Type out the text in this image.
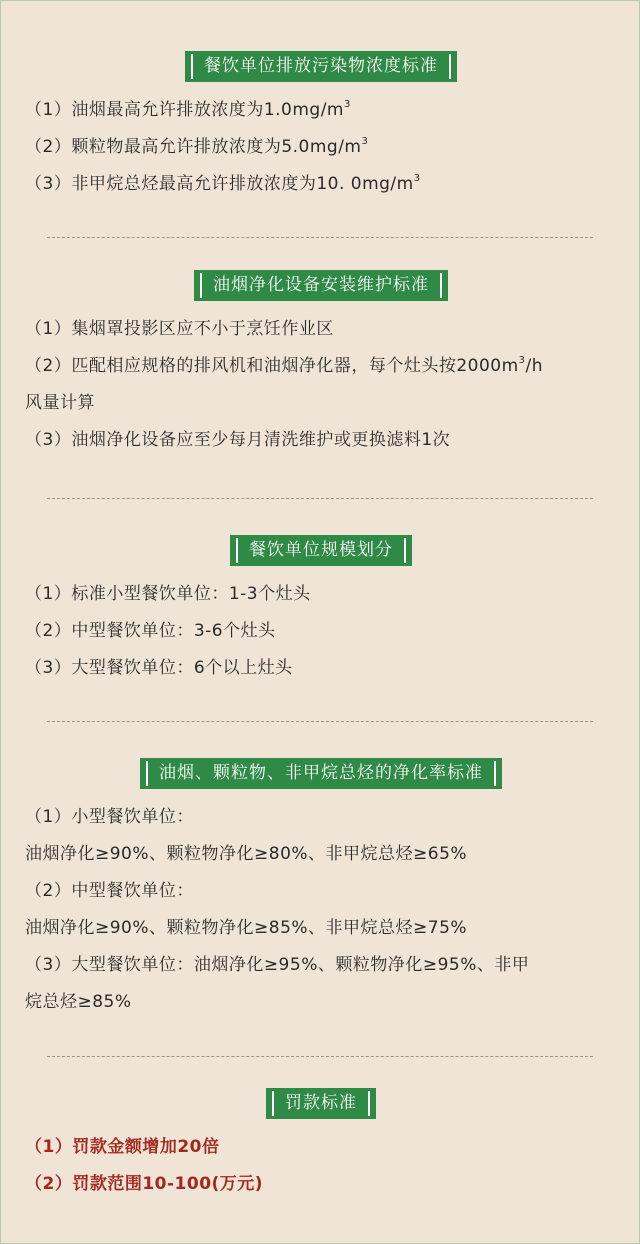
餐饮单位排放污染物浓度标准
（1）油烟最高允许排放浓度为$1.0mg/m^3$
（2）颗粒物最高允许排放浓度为$5.0mg/m^3$
（3）非甲烷总烃最高允许排放浓度为10. $0mg/m^3$
油烟净化设备安装维护标准
（1）集烟罩投影区应不小于烹饪作业区
（2）匹配相应规格的排风机和油烟净化器，每个灶头按$2000m^3/h$
风量计算
（3）油烟净化设备应至少每月清洗维护或更换滤料1次
餐饮单位规模划分
（1）标准小型餐饮单位：1-3个灶头
（2）中型餐饮单位：3-6个灶头
（3）大型餐饮单位：6个以上灶头
油烟、颗粒物、非甲烷总烃的净化率标准
（1）小型餐饮单位：
油烟净化≥90%、颗粒物净化≥80%、非甲烷总烃≥65%
（2）中型餐饮单位：
油烟净化≥90%、颗粒物净化≥85%、非甲烷总烃≥75%
（3）大型餐饮单位：油烟净化≥95%、颗粒物净化≥95%、非甲
烷总烃≥85%
罚款标准
（1）罚款金额增加20倍
（2）罚款范围10-100(万元)
